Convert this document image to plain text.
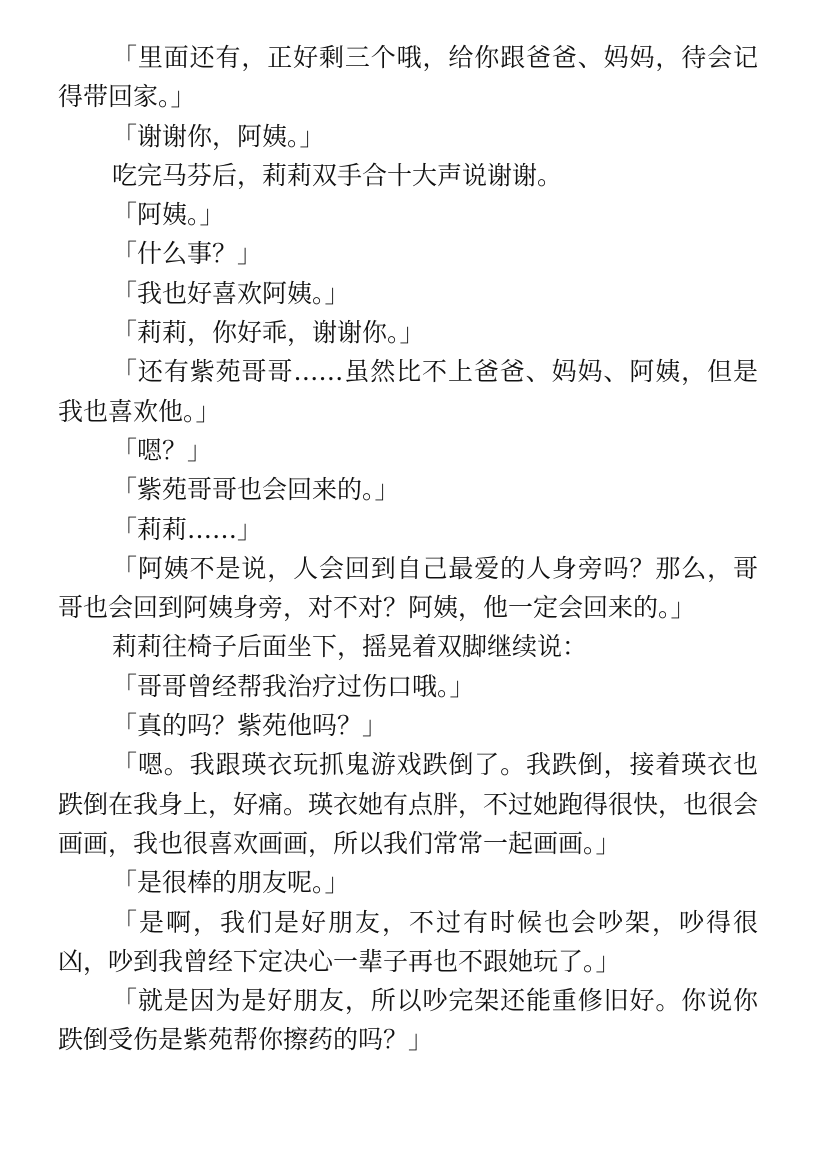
「里面还有，正好剩三个哦，给你跟爸爸、妈妈，待会记得带回家。」

「谢谢你，阿姨。」

吃完马芬后，莉莉双手合十大声说谢谢。

「阿姨。」

「什么事？」

「我也好喜欢阿姨。」

「莉莉，你好乖，谢谢你。」

「还有紫苑哥哥……虽然比不上爸爸、妈妈、阿姨，但是我也喜欢他。」

「嗯？」

「紫苑哥哥也会回来的。」

「莉莉……」

「阿姨不是说，人会回到自己最爱的人身旁吗？那么，哥哥也会回到阿姨身旁，对不对？阿姨，他一定会回来的。」

莉莉往椅子后面坐下，摇晃着双脚继续说：

「哥哥曾经帮我治疗过伤口哦。」

「真的吗？紫苑他吗？」

「嗯。我跟瑛衣玩抓鬼游戏跌倒了。我跌倒，接着瑛衣也跌倒在我身上，好痛。瑛衣她有点胖，不过她跑得很快，也很会画画，我也很喜欢画画，所以我们常常一起画画。」

「是很棒的朋友呢。」

「是啊，我们是好朋友，不过有时候也会吵架，吵得很凶，吵到我曾经下定决心一辈子再也不跟她玩了。」

「就是因为是好朋友，所以吵完架还能重修旧好。你说你跌倒受伤是紫苑帮你擦药的吗？」
